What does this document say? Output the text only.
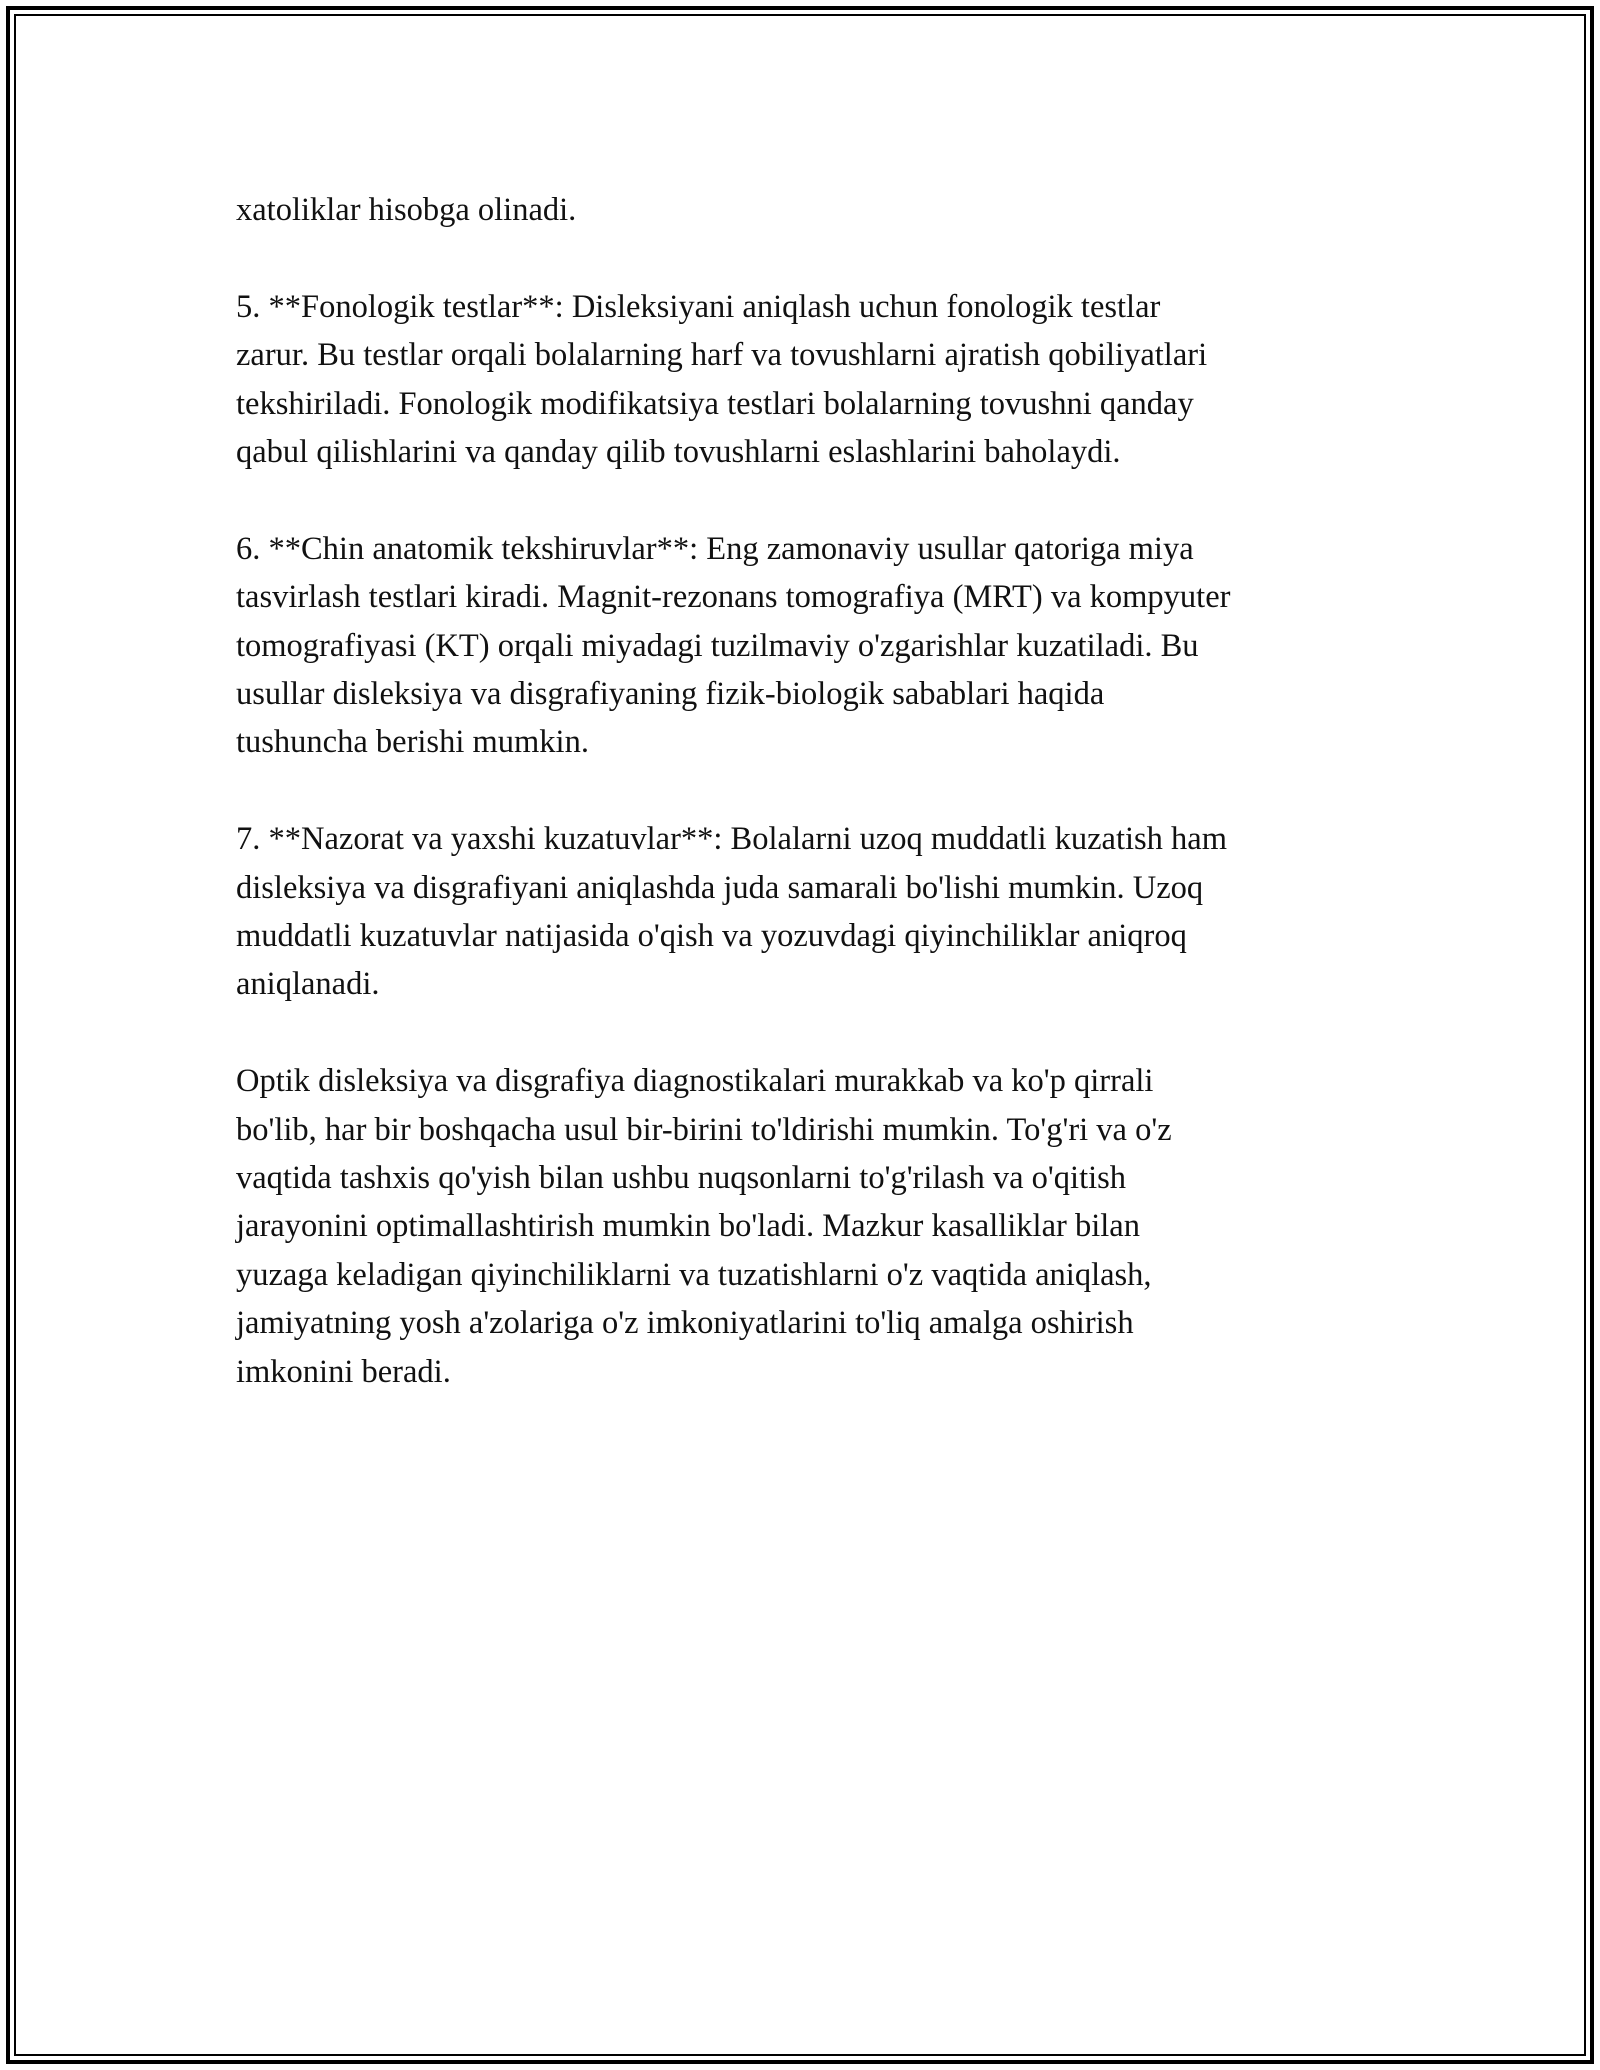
xatoliklar hisobga olinadi.

5. **Fonologik testlar**: Disleksiyani aniqlash uchun fonologik testlar
zarur. Bu testlar orqali bolalarning harf va tovushlarni ajratish qobiliyatlari
tekshiriladi. Fonologik modifikatsiya testlari bolalarning tovushni qanday
qabul qilishlarini va qanday qilib tovushlarni eslashlarini baholaydi.

6. **Chin anatomik tekshiruvlar**: Eng zamonaviy usullar qatoriga miya
tasvirlash testlari kiradi. Magnit-rezonans tomografiya (MRT) va kompyuter
tomografiyasi (KT) orqali miyadagi tuzilmaviy o'zgarishlar kuzatiladi. Bu
usullar disleksiya va disgrafiyaning fizik-biologik sabablari haqida
tushuncha berishi mumkin.

7. **Nazorat va yaxshi kuzatuvlar**: Bolalarni uzoq muddatli kuzatish ham
disleksiya va disgrafiyani aniqlashda juda samarali bo'lishi mumkin. Uzoq
muddatli kuzatuvlar natijasida o'qish va yozuvdagi qiyinchiliklar aniqroq
aniqlanadi.

Optik disleksiya va disgrafiya diagnostikalari murakkab va ko'p qirrali
bo'lib, har bir boshqacha usul bir-birini to'ldirishi mumkin. To'g'ri va o'z
vaqtida tashxis qo'yish bilan ushbu nuqsonlarni to'g'rilash va o'qitish
jarayonini optimallashtirish mumkin bo'ladi. Mazkur kasalliklar bilan
yuzaga keladigan qiyinchiliklarni va tuzatishlarni o'z vaqtida aniqlash,
jamiyatning yosh a'zolariga o'z imkoniyatlarini to'liq amalga oshirish
imkonini beradi.
